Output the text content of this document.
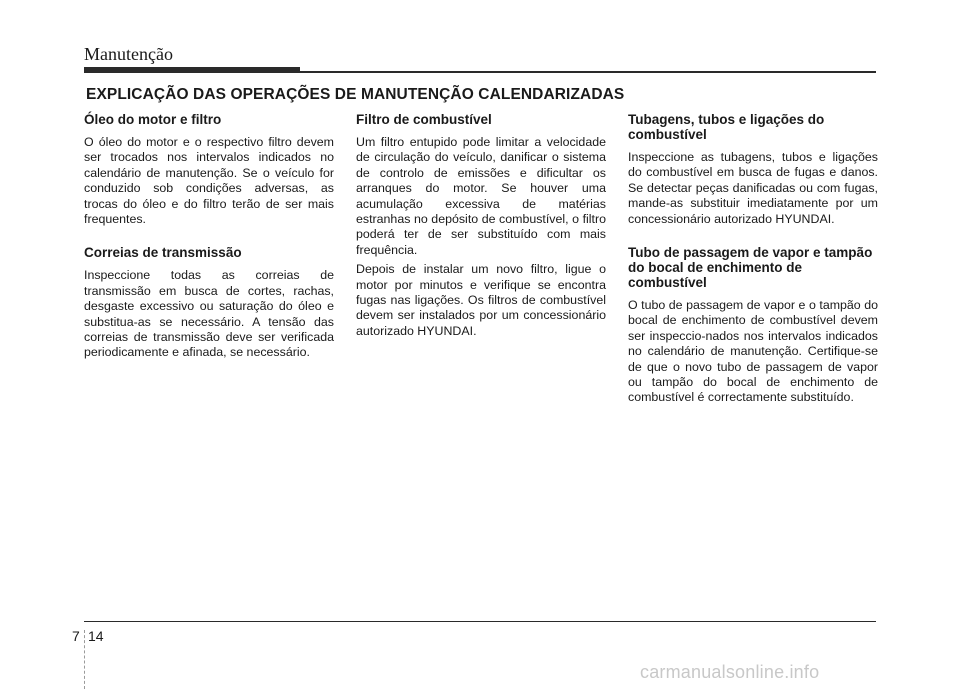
Manutenção
EXPLICAÇÃO DAS OPERAÇÕES DE MANUTENÇÃO CALENDARIZADAS
Óleo do motor e filtro

O óleo do motor e o respectivo filtro devem ser trocados nos intervalos indicados no calendário de manutenção. Se o veículo for conduzido sob condições adversas, as trocas do óleo e do filtro terão de ser mais frequentes.

Correias de transmissão

Inspeccione todas as correias de transmissão em busca de cortes, rachas, desgaste excessivo ou saturação do óleo e substitua-as se necessário. A tensão das correias de transmissão deve ser verificada periodicamente e afinada, se necessário.

Filtro de combustível

Um filtro entupido pode limitar a velocidade de circulação do veículo, danificar o sistema de controlo de emissões e dificultar os arranques do motor. Se houver uma acumulação excessiva de matérias estranhas no depósito de combustível, o filtro poderá ter de ser substituído com mais frequência.

Depois de instalar um novo filtro, ligue o motor por minutos e verifique se encontra fugas nas ligações. Os filtros de combustível devem ser instalados por um concessionário autorizado HYUNDAI.

Tubagens, tubos e ligações do combustível

Inspeccione as tubagens, tubos e ligações do combustível em busca de fugas e danos. Se detectar peças danificadas ou com fugas, mande-as substituir imediatamente por um concessionário autorizado HYUNDAI.

Tubo de passagem de vapor e tampão do bocal de enchimento de combustível

O tubo de passagem de vapor e o tampão do bocal de enchimento de combustível devem ser inspeccio-nados nos intervalos indicados no calendário de manutenção. Certifique-se de que o novo tubo de passagem de vapor ou tampão do bocal de enchimento de combustível é correctamente substituído.

7 14
carmanualsonline.info
